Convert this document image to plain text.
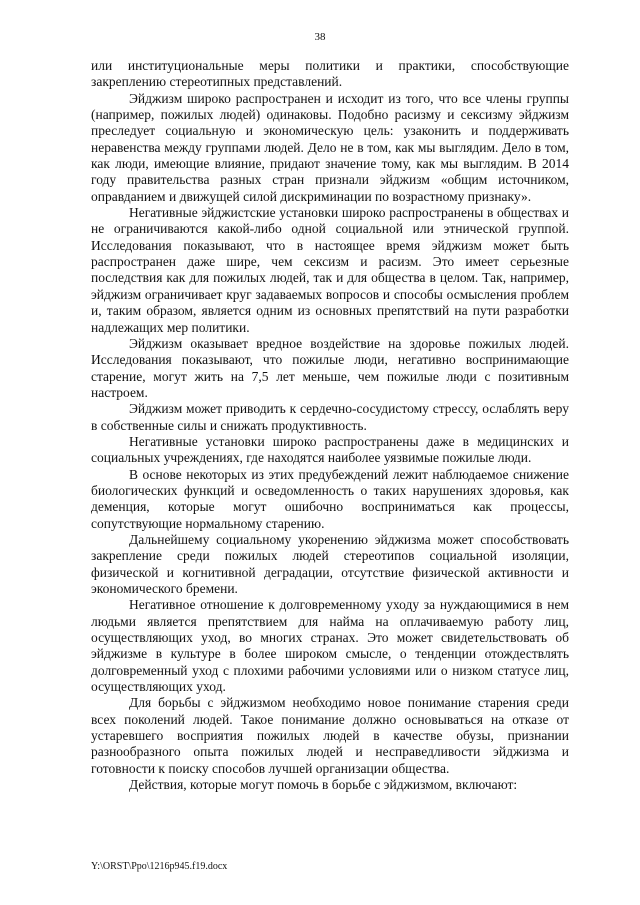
38

или институциональные меры политики и практики, способствующие закреплению стереотипных представлений.

Эйджизм широко распространен и исходит из того, что все члены группы (например, пожилых людей) одинаковы. Подобно расизму и сексизму эйджизм преследует социальную и экономическую цель: узаконить и поддерживать неравенства между группами людей. Дело не в том, как мы выглядим. Дело в том, как люди, имеющие влияние, придают значение тому, как мы выглядим. В 2014 году правительства разных стран признали эйджизм «общим источником, оправданием и движущей силой дискриминации по возрастному признаку».

Негативные эйджистские установки широко распространены в обществах и не ограничиваются какой-либо одной социальной или этнической группой. Исследования показывают, что в настоящее время эйджизм может быть распространен даже шире, чем сексизм и расизм. Это имеет серьезные последствия как для пожилых людей, так и для общества в целом. Так, например, эйджизм ограничивает круг задаваемых вопросов и способы осмысления проблем и, таким образом, является одним из основных препятствий на пути разработки надлежащих мер политики.

Эйджизм оказывает вредное воздействие на здоровье пожилых людей. Исследования показывают, что пожилые люди, негативно воспринимающие старение, могут жить на 7,5 лет меньше, чем пожилые люди с позитивным настроем.

Эйджизм может приводить к сердечно-сосудистому стрессу, ослаблять веру в собственные силы и снижать продуктивность.

Негативные установки широко распространены даже в медицинских и социальных учреждениях, где находятся наиболее уязвимые пожилые люди.

В основе некоторых из этих предубеждений лежит наблюдаемое снижение биологических функций и осведомленность о таких нарушениях здоровья, как деменция, которые могут ошибочно восприниматься как процессы, сопутствующие нормальному старению.

Дальнейшему социальному укоренению эйджизма может способствовать закрепление среди пожилых людей стереотипов социальной изоляции, физической и когнитивной деградации, отсутствие физической активности и экономического бремени.

Негативное отношение к долговременному уходу за нуждающимися в нем людьми является препятствием для найма на оплачиваемую работу лиц, осуществляющих уход, во многих странах. Это может свидетельствовать об эйджизме в культуре в более широком смысле, о тенденции отождествлять долговременный уход с плохими рабочими условиями или о низком статусе лиц, осуществляющих уход.

Для борьбы с эйджизмом необходимо новое понимание старения среди всех поколений людей. Такое понимание должно основываться на отказе от устаревшего восприятия пожилых людей в качестве обузы, признании разнообразного опыта пожилых людей и несправедливости эйджизма и готовности к поиску способов лучшей организации общества.

Действия, которые могут помочь в борьбе с эйджизмом, включают:

Y:\ORST\Ppo\1216p945.f19.docx
